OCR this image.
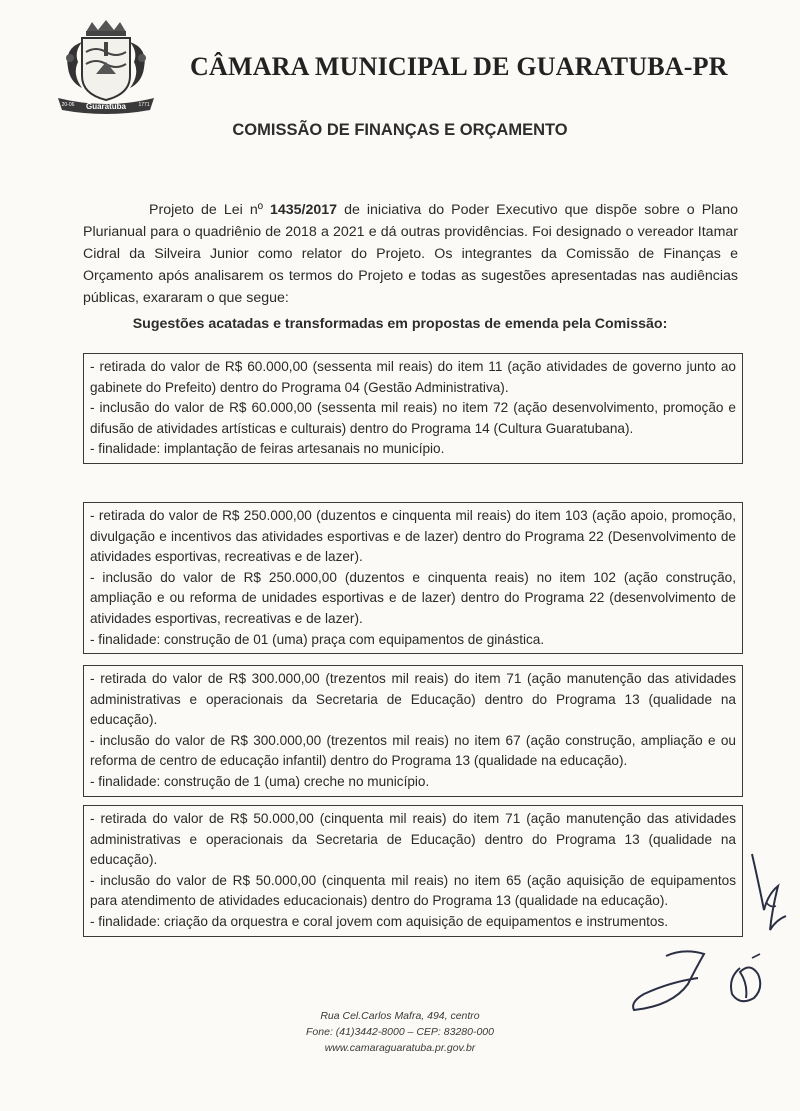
Guaratuba
20-06	1771
CÂMARA MUNICIPAL DE GUARATUBA-PR
COMISSÃO DE FINANÇAS E ORÇAMENTO

Projeto de Lei nº 1435/2017 de iniciativa do Poder Executivo que dispõe sobre o Plano Plurianual para o quadriênio de 2018 a 2021 e dá outras providências. Foi designado o vereador Itamar Cidral da Silveira Junior como relator do Projeto. Os integrantes da Comissão de Finanças e Orçamento após analisarem os termos do Projeto e todas as sugestões apresentadas nas audiências públicas, exararam o que segue:

Sugestões acatadas e transformadas em propostas de emenda pela Comissão:

- retirada do valor de R$ 60.000,00 (sessenta mil reais) do item 11 (ação atividades de governo junto ao gabinete do Prefeito) dentro do Programa 04 (Gestão Administrativa).

- inclusão do valor de R$ 60.000,00 (sessenta mil reais) no item 72 (ação desenvolvimento, promoção e difusão de atividades artísticas e culturais) dentro do Programa 14 (Cultura Guaratubana).

- finalidade: implantação de feiras artesanais no município.

- retirada do valor de R$ 250.000,00 (duzentos e cinquenta mil reais) do item 103 (ação apoio, promoção, divulgação e incentivos das atividades esportivas e de lazer) dentro do Programa 22 (Desenvolvimento de atividades esportivas, recreativas e de lazer).

- inclusão do valor de R$ 250.000,00 (duzentos e cinquenta reais) no item 102 (ação construção, ampliação e ou reforma de unidades esportivas e de lazer) dentro do Programa 22 (desenvolvimento de atividades esportivas, recreativas e de lazer).

- finalidade: construção de 01 (uma) praça com equipamentos de ginástica.

- retirada do valor de R$ 300.000,00 (trezentos mil reais) do item 71 (ação manutenção das atividades administrativas e operacionais da Secretaria de Educação) dentro do Programa 13 (qualidade na educação).

- inclusão do valor de R$ 300.000,00 (trezentos mil reais) no item 67 (ação construção, ampliação e ou reforma de centro de educação infantil) dentro do Programa 13 (qualidade na educação).

- finalidade: construção de 1 (uma) creche no município.

- retirada do valor de R$ 50.000,00 (cinquenta mil reais) do item 71 (ação manutenção das atividades administrativas e operacionais da Secretaria de Educação) dentro do Programa 13 (qualidade na educação).

- inclusão do valor de R$ 50.000,00 (cinquenta mil reais) no item 65 (ação aquisição de equipamentos para atendimento de atividades educacionais) dentro do Programa 13 (qualidade na educação).

- finalidade: criação da orquestra e coral jovem com aquisição de equipamentos e instrumentos.

Rua Cel.Carlos Mafra, 494, centro
Fone: (41)3442-8000 – CEP: 83280-000
www.camaraguaratuba.pr.gov.br
